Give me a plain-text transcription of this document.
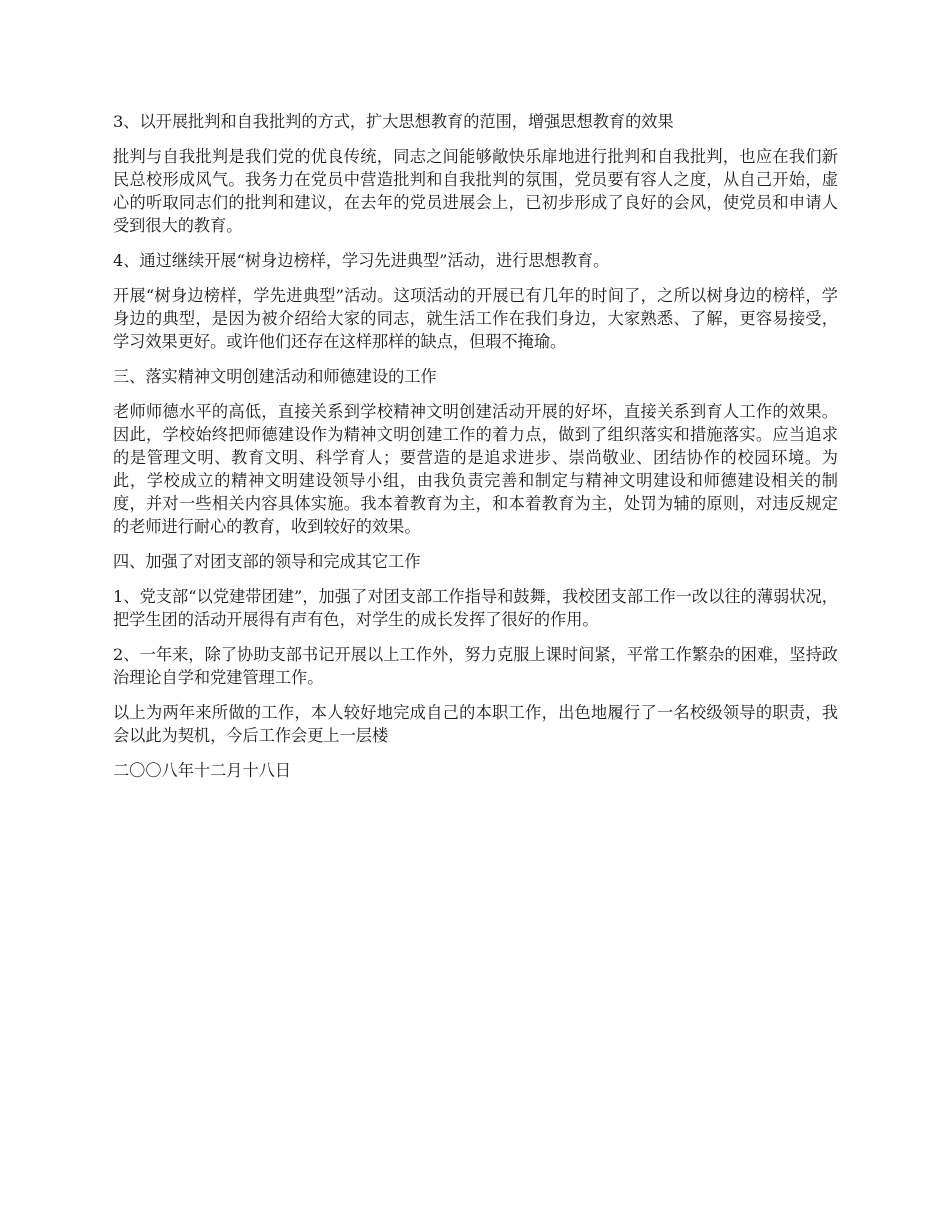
3、以开展批判和自我批判的方式，扩大思想教育的范围，增强思想教育的效果

批判与自我批判是我们党的优良传统，同志之间能够敞快乐扉地进行批判和自我批判，也应在我们新民总校形成风气。我务力在党员中营造批判和自我批判的氛围，党员要有容人之度，从自己开始，虚心的听取同志们的批判和建议，在去年的党员进展会上，已初步形成了良好的会风，使党员和申请人受到很大的教育。

4、通过继续开展“树身边榜样，学习先进典型”活动，进行思想教育。

开展“树身边榜样，学先进典型”活动。这项活动的开展已有几年的时间了，之所以树身边的榜样，学身边的典型，是因为被介绍给大家的同志，就生活工作在我们身边，大家熟悉、了解，更容易接受，学习效果更好。或许他们还存在这样那样的缺点，但瑕不掩瑜。

三、落实精神文明创建活动和师德建设的工作

老师师德水平的高低，直接关系到学校精神文明创建活动开展的好坏，直接关系到育人工作的效果。因此，学校始终把师德建设作为精神文明创建工作的着力点，做到了组织落实和措施落实。应当追求的是管理文明、教育文明、科学育人；要营造的是追求进步、崇尚敬业、团结协作的校园环境。为此，学校成立的精神文明建设领导小组，由我负责完善和制定与精神文明建设和师德建设相关的制度，并对一些相关内容具体实施。我本着教育为主，和本着教育为主，处罚为辅的原则，对违反规定的老师进行耐心的教育，收到较好的效果。

四、加强了对团支部的领导和完成其它工作

1、党支部“以党建带团建”，加强了对团支部工作指导和鼓舞，我校团支部工作一改以往的薄弱状况，把学生团的活动开展得有声有色，对学生的成长发挥了很好的作用。

2、一年来，除了协助支部书记开展以上工作外，努力克服上课时间紧，平常工作繁杂的困难，坚持政治理论自学和党建管理工作。

以上为两年来所做的工作，本人较好地完成自己的本职工作，出色地履行了一名校级领导的职责，我会以此为契机，今后工作会更上一层楼

二〇〇八年十二月十八日
